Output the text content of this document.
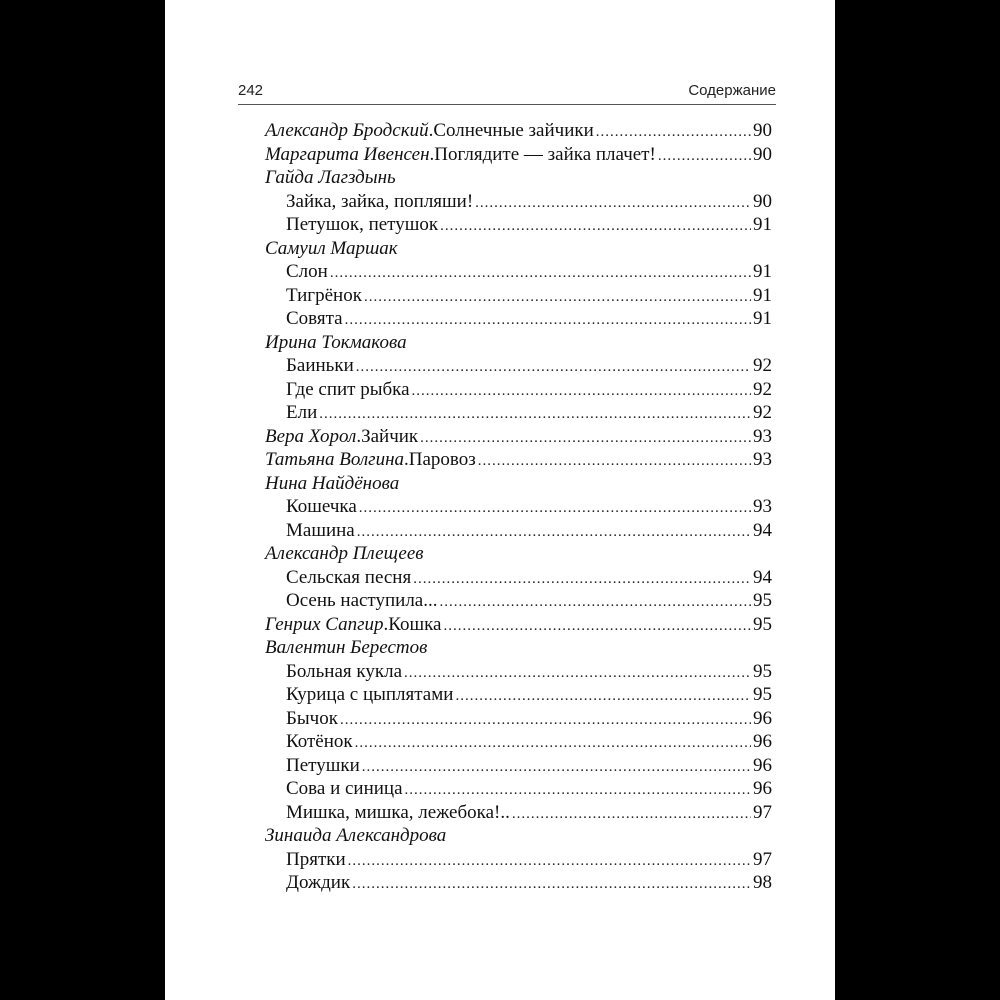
242	Содержание
Александр Бродский . Солнечные зайчики .....	90
Маргарита Ивенсен . Поглядите — зайка плачет! .....	90
Гайда Лагздынь
Зайка, зайка, попляши! .....	90
Петушок, петушок .....	91
Самуил Маршак
Слон .....	91
Тигрёнок .....	91
Совята .....	91
Ирина Токмакова
Баиньки .....	92
Где спит рыбка .....	92
Ели .....	92
Вера Хорол . Зайчик .....	93
Татьяна Волгина . Паровоз .....	93
Нина Найдёнова
Кошечка .....	93
Машина .....	94
Александр Плещеев
Сельская песня .....	94
Осень наступила... .....	95
Генрих Сапгир . Кошка .....	95
Валентин Берестов
Больная кукла .....	95
Курица с цыплятами .....	95
Бычок .....	96
Котёнок .....	96
Петушки .....	96
Сова и синица .....	96
Мишка, мишка, лежебока!.. .....	97
Зинаида Александрова
Прятки .....	97
Дождик .....	98
